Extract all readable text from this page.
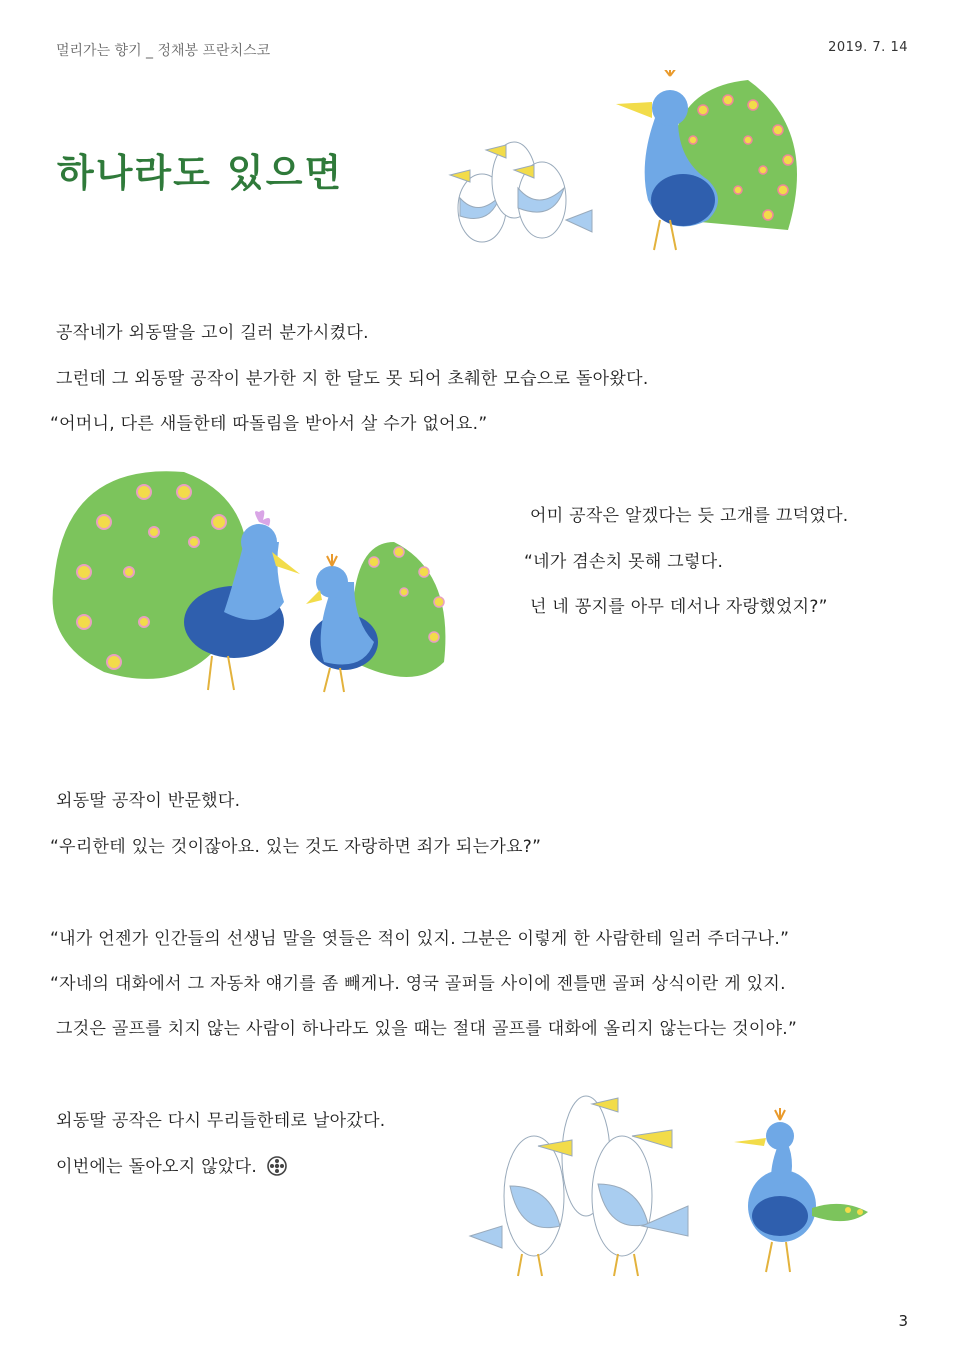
멀리가는 향기 _ 정채봉 프란치스코	2019. 7. 14
하나라도 있으면

공작네가 외동딸을 고이 길러 분가시켰다.

그런데 그 외동딸 공작이 분가한 지 한 달도 못 되어 초췌한 모습으로 돌아왔다.

“어머니, 다른 새들한테 따돌림을 받아서 살 수가 없어요.”

어미 공작은 알겠다는 듯 고개를 끄덕였다.

“네가 겸손치 못해 그렇다.

넌 네 꽁지를 아무 데서나 자랑했었지?”

외동딸 공작이 반문했다.

“우리한테 있는 것이잖아요. 있는 것도 자랑하면 죄가 되는가요?”

“내가 언젠가 인간들의 선생님 말을 엿들은 적이 있지. 그분은 이렇게 한 사람한테 일러 주더구나.”

“자네의 대화에서 그 자동차 얘기를 좀 빼게나. 영국 골퍼들 사이에 젠틀맨 골퍼 상식이란 게 있지.

그것은 골프를 치지 않는 사람이 하나라도 있을 때는 절대 골프를 대화에 올리지 않는다는 것이야.”

외동딸 공작은 다시 무리들한테로 날아갔다.

이번에는 돌아오지 않았다.

3
